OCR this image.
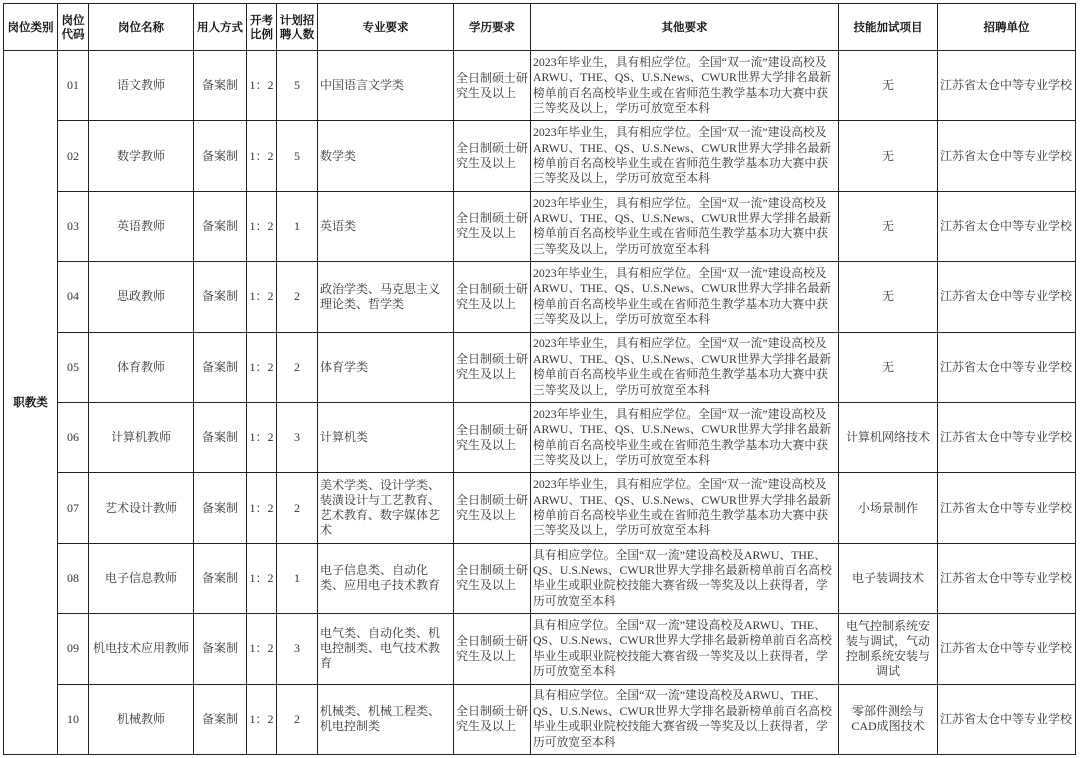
岗位类别	岗位代码	岗位名称	用人方式	开考比例	计划招聘人数	专业要求	学历要求	其他要求	技能加试项目	招聘单位
职教类	01	语文教师	备案制	1：2	5	中国语言文学类	全日制硕士研究生及以上	2023年毕业生，具有相应学位。全国“双一流”建设高校及ARWU、THE、QS、U.S.News、CWUR世界大学排名最新榜单前百名高校毕业生或在省师范生教学基本功大赛中获三等奖及以上，学历可放宽至本科	无	江苏省太仓中等专业学校
	02	数学教师	备案制	1：2	5	数学类	全日制硕士研究生及以上	2023年毕业生，具有相应学位。全国“双一流”建设高校及ARWU、THE、QS、U.S.News、CWUR世界大学排名最新榜单前百名高校毕业生或在省师范生教学基本功大赛中获三等奖及以上，学历可放宽至本科	无	江苏省太仓中等专业学校
	03	英语教师	备案制	1：2	1	英语类	全日制硕士研究生及以上	2023年毕业生，具有相应学位。全国“双一流”建设高校及ARWU、THE、QS、U.S.News、CWUR世界大学排名最新榜单前百名高校毕业生或在省师范生教学基本功大赛中获三等奖及以上，学历可放宽至本科	无	江苏省太仓中等专业学校
	04	思政教师	备案制	1：2	2	政治学类、马克思主义理论类、哲学类	全日制硕士研究生及以上	2023年毕业生，具有相应学位。全国“双一流”建设高校及ARWU、THE、QS、U.S.News、CWUR世界大学排名最新榜单前百名高校毕业生或在省师范生教学基本功大赛中获三等奖及以上，学历可放宽至本科	无	江苏省太仓中等专业学校
	05	体育教师	备案制	1：2	2	体育学类	全日制硕士研究生及以上	2023年毕业生，具有相应学位。全国“双一流”建设高校及ARWU、THE、QS、U.S.News、CWUR世界大学排名最新榜单前百名高校毕业生或在省师范生教学基本功大赛中获三等奖及以上，学历可放宽至本科	无	江苏省太仓中等专业学校
	06	计算机教师	备案制	1：2	3	计算机类	全日制硕士研究生及以上	2023年毕业生，具有相应学位。全国“双一流”建设高校及ARWU、THE、QS、U.S.News、CWUR世界大学排名最新榜单前百名高校毕业生或在省师范生教学基本功大赛中获三等奖及以上，学历可放宽至本科	计算机网络技术	江苏省太仓中等专业学校
	07	艺术设计教师	备案制	1：2	2	美术学类、设计学类、装潢设计与工艺教育、艺术教育、数字媒体艺术	全日制硕士研究生及以上	2023年毕业生，具有相应学位。全国“双一流”建设高校及ARWU、THE、QS、U.S.News、CWUR世界大学排名最新榜单前百名高校毕业生或在省师范生教学基本功大赛中获三等奖及以上，学历可放宽至本科	小场景制作	江苏省太仓中等专业学校
	08	电子信息教师	备案制	1：2	1	电子信息类、自动化类、应用电子技术教育	全日制硕士研究生及以上	具有相应学位。全国“双一流”建设高校及ARWU、THE、QS、U.S.News、CWUR世界大学排名最新榜单前百名高校毕业生或职业院校技能大赛省级一等奖及以上获得者，学历可放宽至本科	电子装调技术	江苏省太仓中等专业学校
	09	机电技术应用教师	备案制	1：2	3	电气类、自动化类、机电控制类、电气技术教育	全日制硕士研究生及以上	具有相应学位。全国“双一流”建设高校及ARWU、THE、QS、U.S.News、CWUR世界大学排名最新榜单前百名高校毕业生或职业院校技能大赛省级一等奖及以上获得者，学历可放宽至本科	电气控制系统安装与调试，气动控制系统安装与调试	江苏省太仓中等专业学校
	10	机械教师	备案制	1：2	2	机械类、机械工程类、机电控制类	全日制硕士研究生及以上	具有相应学位。全国“双一流”建设高校及ARWU、THE、QS、U.S.News、CWUR世界大学排名最新榜单前百名高校毕业生或职业院校技能大赛省级一等奖及以上获得者，学历可放宽至本科	零部件测绘与CAD成图技术	江苏省太仓中等专业学校
